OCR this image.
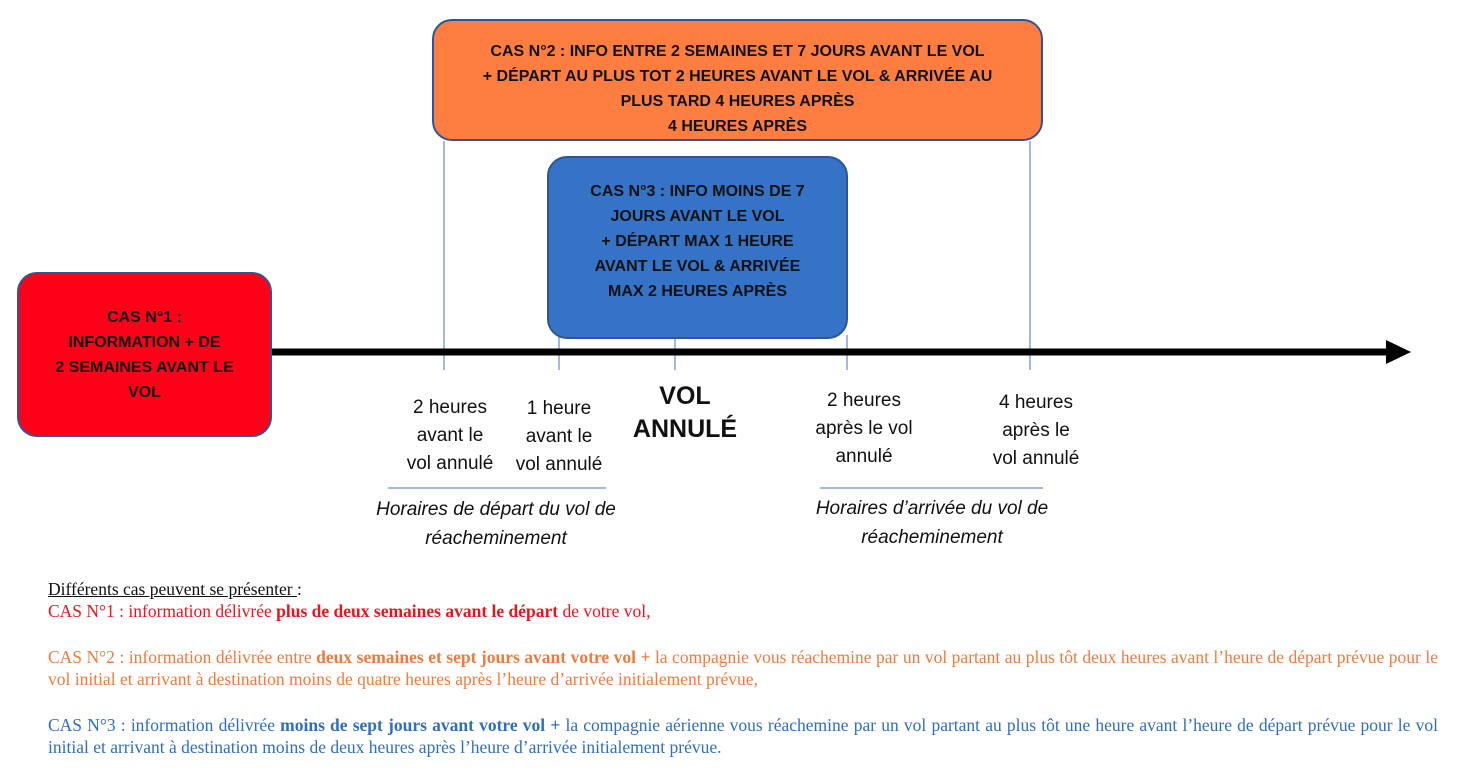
CAS N°1 :
INFORMATION + DE
2 SEMAINES AVANT LE
VOL
CAS N°2 : INFO ENTRE 2 SEMAINES ET 7 JOURS AVANT LE VOL
+ DÉPART AU PLUS TOT 2 HEURES AVANT LE VOL & ARRIVÉE AU
PLUS TARD 4 HEURES APRÈS
4 HEURES APRÈS
CAS N°3 : INFO MOINS DE 7
JOURS AVANT LE VOL
+ DÉPART MAX 1 HEURE
AVANT LE VOL & ARRIVÉE
MAX 2 HEURES APRÈS
2 heures
avant le
vol annulé
1 heure
avant le
vol annulé
VOL
ANNULÉ
2 heures
après le vol
annulé
4 heures
après le
vol annulé
Horaires de départ du vol de
réacheminement
Horaires d’arrivée du vol de
réacheminement

Différents cas peuvent se présenter :

CAS N°1 : information délivrée plus de deux semaines avant le départ de votre vol,

CAS N°2 : information délivrée entre deux semaines et sept jours avant votre vol + la compagnie vous réachemine par un vol partant au plus tôt deux heures avant l’heure de départ prévue pour le vol initial et arrivant à destination moins de quatre heures après l’heure d’arrivée initialement prévue,

CAS N°3 : information délivrée moins de sept jours avant votre vol + la compagnie aérienne vous réachemine par un vol partant au plus tôt une heure avant l’heure de départ prévue pour le vol initial et arrivant à destination moins de deux heures après l’heure d’arrivée initialement prévue.
